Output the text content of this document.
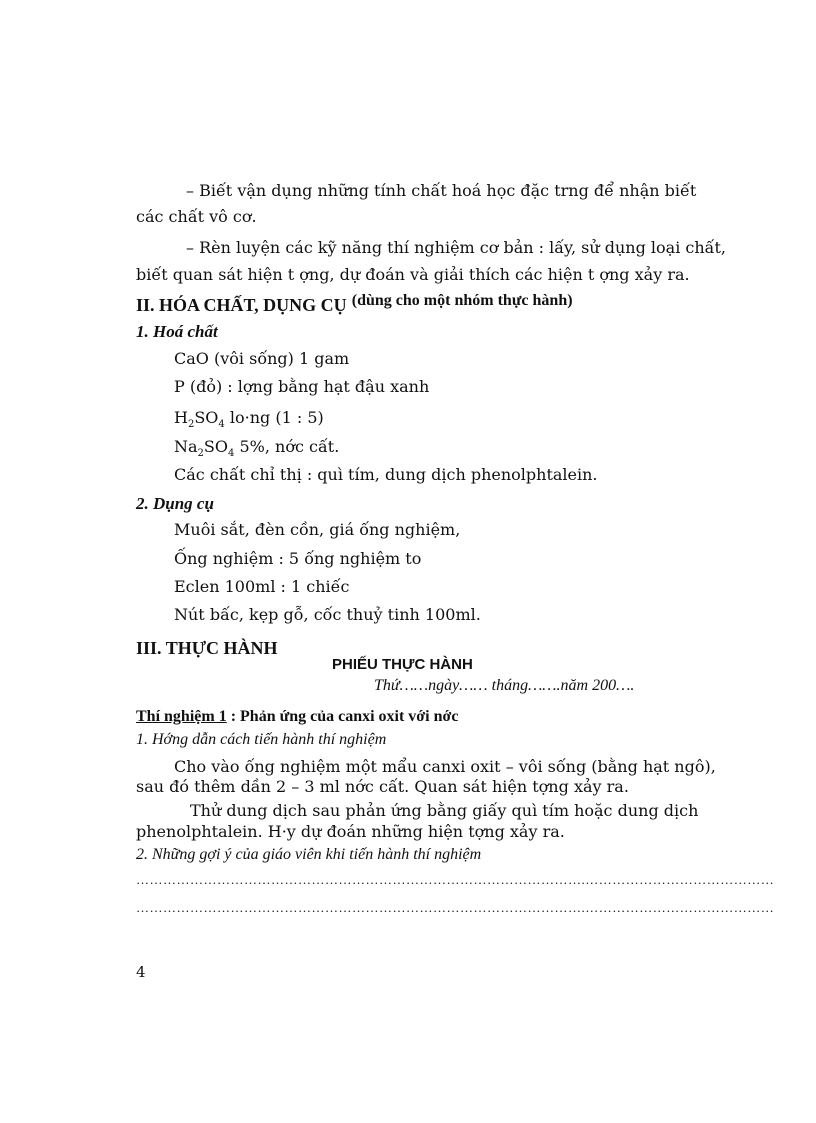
– Biết vận dụng những tính chất hoá học đặc trng để nhận biết
các chất vô cơ.
– Rèn luyện các kỹ năng thí nghiệm cơ bản : lấy, sử dụng loại chất,
biết quan sát hiện t ợng, dự đoán và giải thích các hiện t ợng xảy ra.
II. HÓA CHẤT, DỤNG CỤ (dùng cho một nhóm thực hành)
1. Hoá chất
CaO (vôi sống) 1 gam
P (đỏ) : lợng bằng hạt đậu xanh
$H_2SO_4$ lo·ng (1 : 5)
$Na_2SO_4$ 5%, nớc cất.
Các chất chỉ thị : quì tím, dung dịch phenolphtalein.
2. Dụng cụ
Muôi sắt, đèn cồn, giá ống nghiệm,
Ống nghiệm : 5 ống nghiệm to
Eclen 100ml : 1 chiếc
Nút bấc, kẹp gỗ, cốc thuỷ tinh 100ml.
III. THỰC HÀNH
PHIẾU THỰC HÀNH
Thứ……ngày…… tháng…….năm 200….
Thí nghiệm 1 : Phản ứng của canxi oxit với nớc
1. Hớng dẫn cách tiến hành thí nghiệm
Cho vào ống nghiệm một mẩu canxi oxit – vôi sống (bằng hạt ngô),
sau đó thêm dần 2 – 3 ml nớc cất. Quan sát hiện tợng xảy ra.
Thử dung dịch sau phản ứng bằng giấy quì tím hoặc dung dịch
phenolphtalein. H·y dự đoán những hiện tợng xảy ra.
2. Những gợi ý của giáo viên khi tiến hành thí nghiệm
……………………………………………………………………………………….……………………………………
……………………………………………………………………………………….……………………………………
4
